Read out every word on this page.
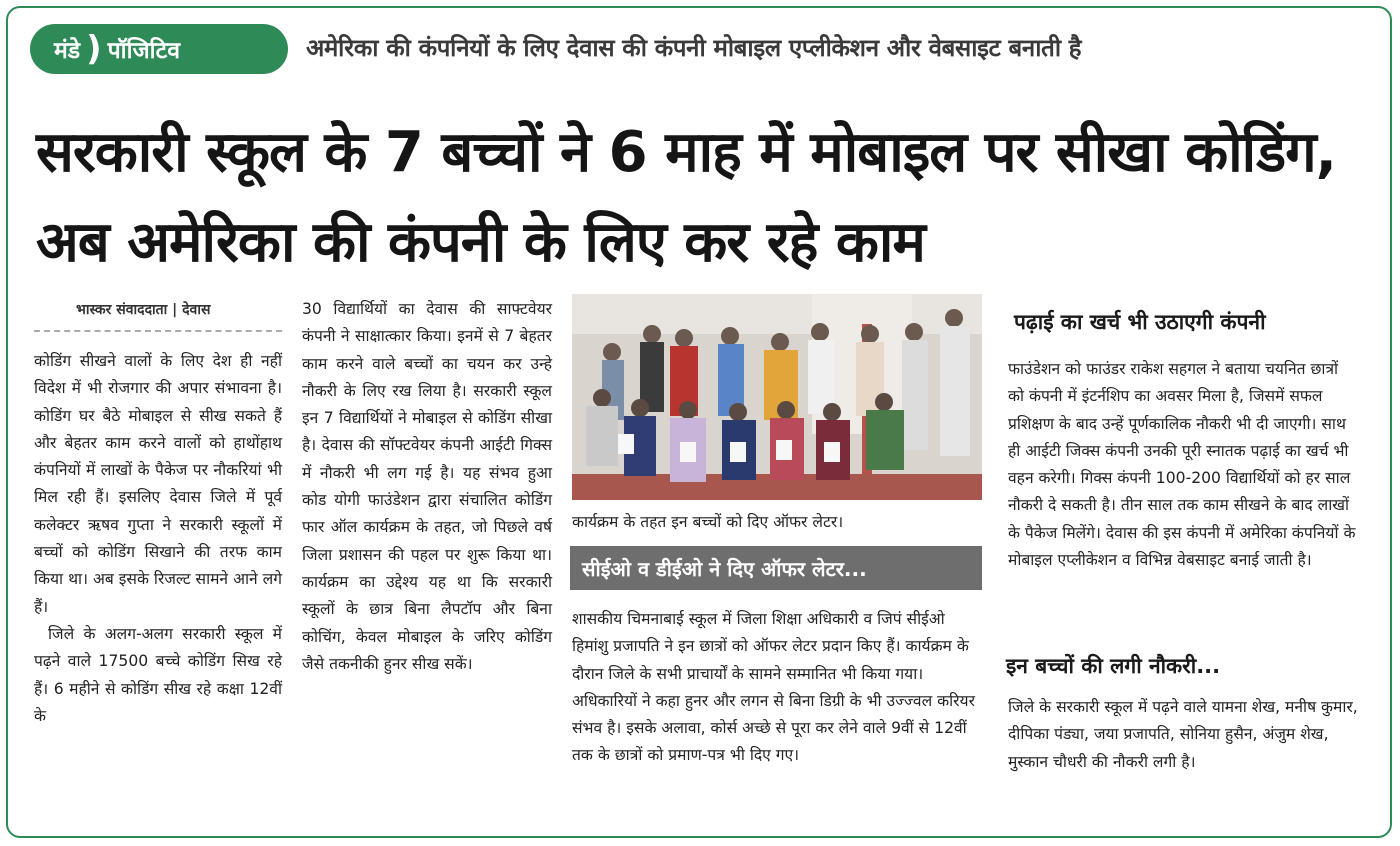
मंडे ) पॉजिटिव	अमेरिका की कंपनियों के लिए देवास की कंपनी मोबाइल एप्लीकेशन और वेबसाइट बनाती है
सरकारी स्कूल के 7 बच्चों ने 6 माह में मोबाइल पर सीखा कोडिंग, अब अमेरिका की कंपनी के लिए कर रहे काम
भास्कर संवाददाता | देवास

कोडिंग सीखने वालों के लिए देश ही नहीं विदेश में भी रोजगार की अपार संभावना है। कोडिंग घर बैठे मोबाइल से सीख सकते हैं और बेहतर काम करने वालों को हाथोंहाथ कंपनियों में लाखों के पैकेज पर नौकरियां भी मिल रही हैं। इसलिए देवास जिले में पूर्व कलेक्टर ऋषव गुप्ता ने सरकारी स्कूलों में बच्चों को कोडिंग सिखाने की तरफ काम किया था। अब इसके रिजल्ट सामने आने लगे हैं।

जिले के अलग-अलग सरकारी स्कूल में पढ़ने वाले 17500 बच्चे कोडिंग सिख रहे हैं। 6 महीने से कोडिंग सीख रहे कक्षा 12वीं के

30 विद्यार्थियों का देवास की साफ्टवेयर कंपनी ने साक्षात्कार किया। इनमें से 7 बेहतर काम करने वाले बच्चों का चयन कर उन्हे नौकरी के लिए रख लिया है। सरकारी स्कूल इन 7 विद्यार्थियों ने मोबाइल से कोडिंग सीखा है। देवास की सॉफ्टवेयर कंपनी आईटी गिक्स में नौकरी भी लग गई है। यह संभव हुआ कोड योगी फाउंडेशन द्वारा संचालित कोडिंग फार ऑल कार्यक्रम के तहत, जो पिछले वर्ष जिला प्रशासन की पहल पर शुरू किया था। कार्यक्रम का उद्देश्य यह था कि सरकारी स्कूलों के छात्र बिना लैपटॉप और बिना कोचिंग, केवल मोबाइल के जरिए कोडिंग जैसे तकनीकी हुनर सीख सकें।
कार्यक्रम के तहत इन बच्चों को दिए ऑफर लेटर।
सीईओ व डीईओ ने दिए ऑफर लेटर...
शासकीय चिमनाबाई स्कूल में जिला शिक्षा अधिकारी व जिपं सीईओ हिमांशु प्रजापति ने इन छात्रों को ऑफर लेटर प्रदान किए हैं। कार्यक्रम के दौरान जिले के सभी प्राचार्यों के सामने सम्मानित भी किया गया। अधिकारियों ने कहा हुनर और लगन से बिना डिग्री के भी उज्ज्वल करियर संभव है। इसके अलावा, कोर्स अच्छे से पूरा कर लेने वाले 9वीं से 12वीं तक के छात्रों को प्रमाण-पत्र भी दिए गए।
पढ़ाई का खर्च भी उठाएगी कंपनी
फाउंडेशन को फाउंडर राकेश सहगल ने बताया चयनित छात्रों को कंपनी में इंटर्नशिप का अवसर मिला है, जिसमें सफल प्रशिक्षण के बाद उन्हें पूर्णकालिक नौकरी भी दी जाएगी। साथ ही आईटी जिक्स कंपनी उनकी पूरी स्नातक पढ़ाई का खर्च भी वहन करेगी। गिक्स कंपनी 100-200 विद्यार्थियों को हर साल नौकरी दे सकती है। तीन साल तक काम सीखने के बाद लाखों के पैकेज मिलेंगे। देवास की इस कंपनी में अमेरिका कंपनियों के मोबाइल एप्लीकेशन व विभिन्न वेबसाइट बनाई जाती है।
इन बच्चों की लगी नौकरी...
जिले के सरकारी स्कूल में पढ़ने वाले यामना शेख, मनीष कुमार, दीपिका पंड्या, जया प्रजापति, सोनिया हुसैन, अंजुम शेख, मुस्कान चौधरी की नौकरी लगी है।
